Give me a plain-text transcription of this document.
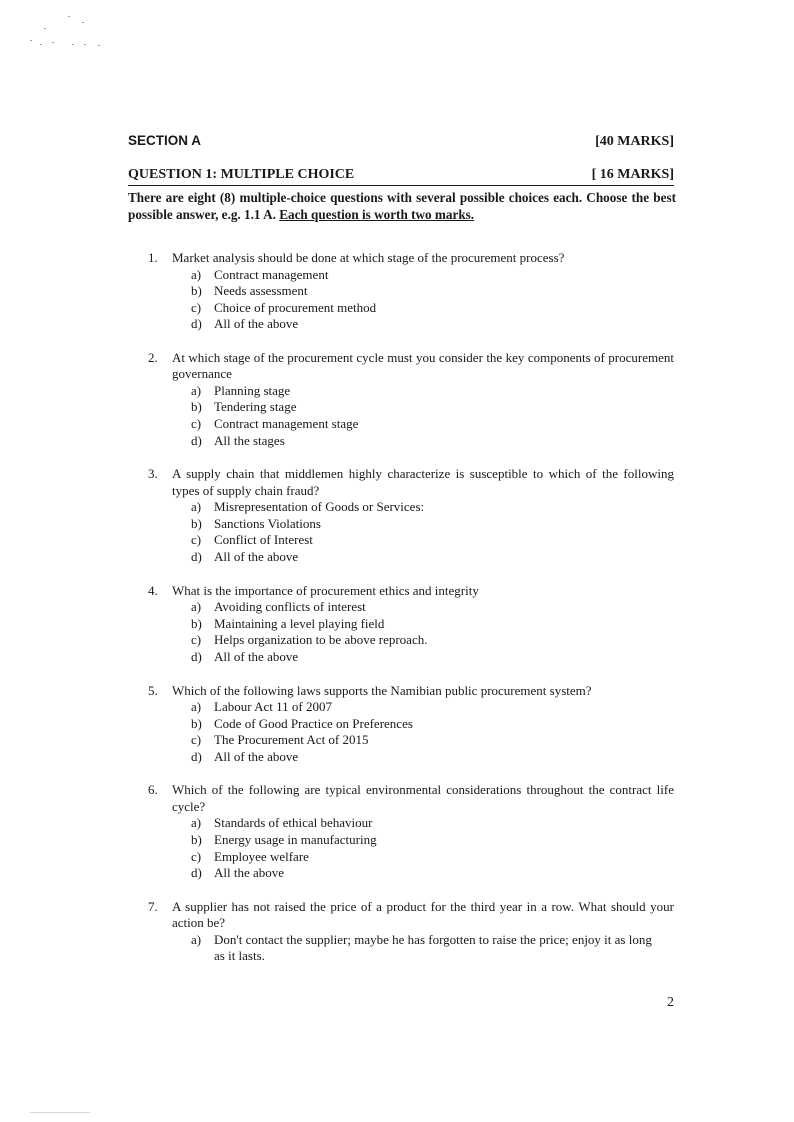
SECTION A	[40 MARKS]
QUESTION 1: MULTIPLE CHOICE	[ 16 MARKS]
There are eight (8) multiple-choice questions with several possible choices each. Choose the best possible answer, e.g. 1.1 A. Each question is worth two marks.
1. Market analysis should be done at which stage of the procurement process?
a) Contract management
b) Needs assessment
c) Choice of procurement method
d) All of the above
2. At which stage of the procurement cycle must you consider the key components of procurement governance
a) Planning stage
b) Tendering stage
c) Contract management stage
d) All the stages
3. A supply chain that middlemen highly characterize is susceptible to which of the following types of supply chain fraud?
a) Misrepresentation of Goods or Services:
b) Sanctions Violations
c) Conflict of Interest
d) All of the above
4. What is the importance of procurement ethics and integrity
a) Avoiding conflicts of interest
b) Maintaining a level playing field
c) Helps organization to be above reproach.
d) All of the above
5. Which of the following laws supports the Namibian public procurement system?
a) Labour Act 11 of 2007
b) Code of Good Practice on Preferences
c) The Procurement Act of 2015
d) All of the above
6. Which of the following are typical environmental considerations throughout the contract life cycle?
a) Standards of ethical behaviour
b) Energy usage in manufacturing
c) Employee welfare
d) All the above
7. A supplier has not raised the price of a product for the third year in a row. What should your action be?
a) Don't contact the supplier; maybe he has forgotten to raise the price; enjoy it as long as it lasts.
2
